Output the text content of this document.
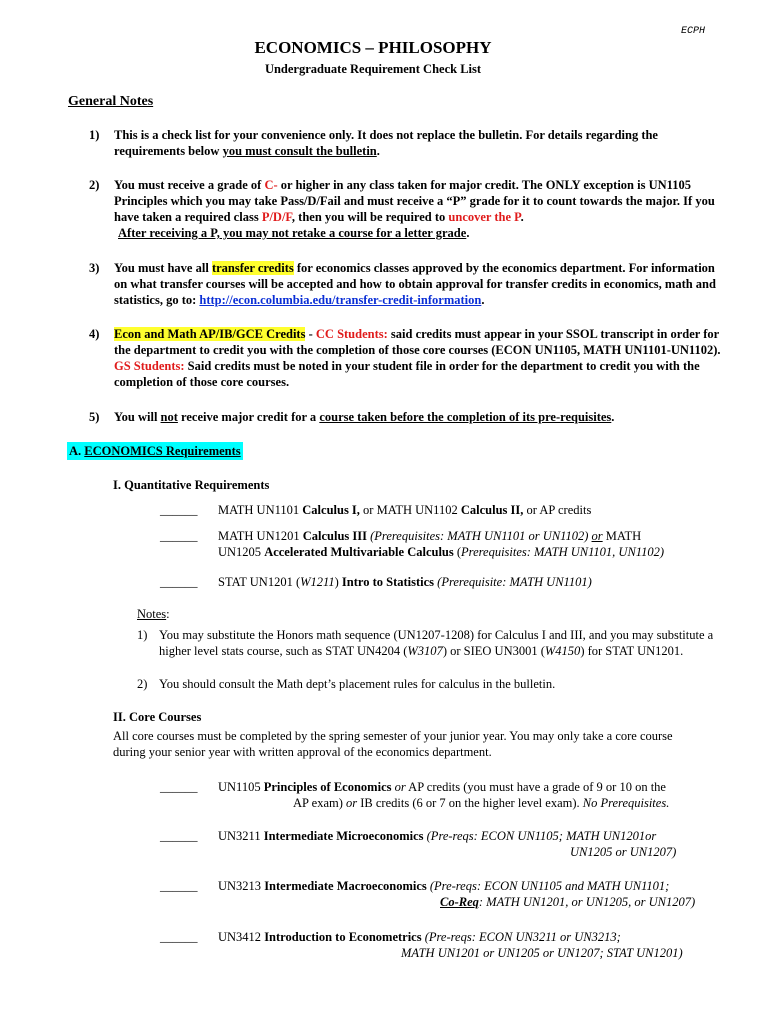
ECPH
ECONOMICS – PHILOSOPHY
Undergraduate Requirement Check List
General Notes
1) This is a check list for your convenience only. It does not replace the bulletin. For details regarding the requirements below you must consult the bulletin.
2) You must receive a grade of C- or higher in any class taken for major credit. The ONLY exception is UN1105 Principles which you may take Pass/D/Fail and must receive a “P” grade for it to count towards the major. If you have taken a required class P/D/F, then you will be required to uncover the P.
After receiving a P, you may not retake a course for a letter grade.
3) You must have all transfer credits for economics classes approved by the economics department. For information on what transfer courses will be accepted and how to obtain approval for transfer credits in economics, math and statistics, go to: http://econ.columbia.edu/transfer-credit-information.
4) Econ and Math AP/IB/GCE Credits - CC Students: said credits must appear in your SSOL transcript in order for the department to credit you with the completion of those core courses (ECON UN1105, MATH UN1101-UN1102). GS Students: Said credits must be noted in your student file in order for the department to credit you with the completion of those core courses.
5) You will not receive major credit for a course taken before the completion of its pre-requisites.
A. ECONOMICS Requirements
I. Quantitative Requirements
______ MATH UN1101 Calculus I, or MATH UN1102 Calculus II, or AP credits
______ MATH UN1201 Calculus III (Prerequisites: MATH UN1101 or UN1102) or MATH
UN1205 Accelerated Multivariable Calculus (Prerequisites: MATH UN1101, UN1102)
______ STAT UN1201 (W1211) Intro to Statistics (Prerequisite: MATH UN1101)
Notes:
1) You may substitute the Honors math sequence (UN1207-1208) for Calculus I and III, and you may substitute a higher level stats course, such as STAT UN4204 (W3107) or SIEO UN3001 (W4150) for STAT UN1201.
2) You should consult the Math dept’s placement rules for calculus in the bulletin.
II. Core Courses
All core courses must be completed by the spring semester of your junior year. You may only take a core course during your senior year with written approval of the economics department.
______ UN1105 Principles of Economics or AP credits (you must have a grade of 9 or 10 on the
AP exam) or IB credits (6 or 7 on the higher level exam). No Prerequisites.
______ UN3211 Intermediate Microeconomics (Pre-reqs: ECON UN1105; MATH UN1201or
UN1205 or UN1207)
______ UN3213 Intermediate Macroeconomics (Pre-reqs: ECON UN1105 and MATH UN1101;
Co-Req: MATH UN1201, or UN1205, or UN1207)
______ UN3412 Introduction to Econometrics (Pre-reqs: ECON UN3211 or UN3213;
MATH UN1201 or UN1205 or UN1207; STAT UN1201)
